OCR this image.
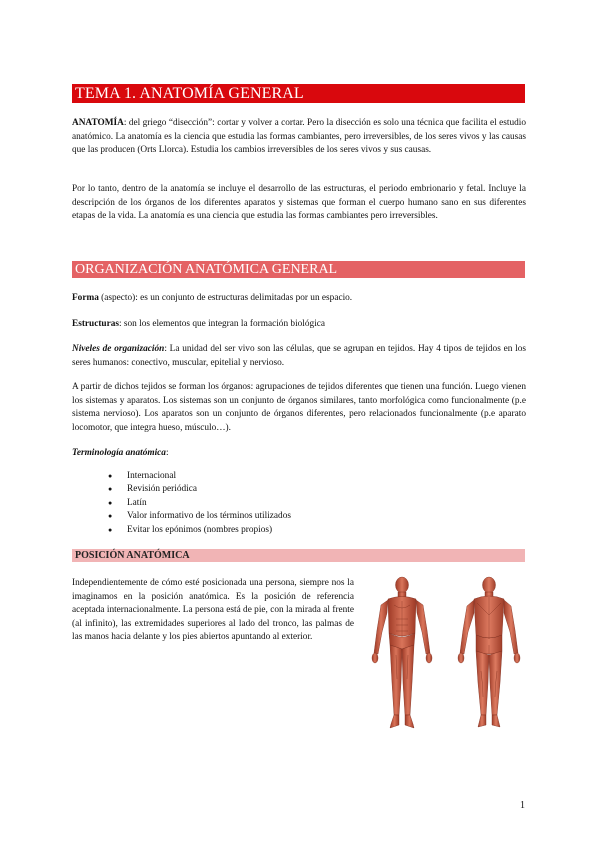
TEMA 1. ANATOMÍA GENERAL

ANATOMÍA: del griego “disección”: cortar y volver a cortar. Pero la disección es solo una técnica que facilita el estudio anatómico. La anatomía es la ciencia que estudia las formas cambiantes, pero irreversibles, de los seres vivos y las causas que las producen (Orts Llorca). Estudia los cambios irreversibles de los seres vivos y sus causas.

Por lo tanto, dentro de la anatomía se incluye el desarrollo de las estructuras, el periodo embrionario y fetal. Incluye la descripción de los órganos de los diferentes aparatos y sistemas que forman el cuerpo humano sano en sus diferentes etapas de la vida. La anatomía es una ciencia que estudia las formas cambiantes pero irreversibles.

ORGANIZACIÓN ANATÓMICA GENERAL

Forma (aspecto): es un conjunto de estructuras delimitadas por un espacio.

Estructuras: son los elementos que integran la formación biológica

Niveles de organización: La unidad del ser vivo son las células, que se agrupan en tejidos. Hay 4 tipos de tejidos en los seres humanos: conectivo, muscular, epitelial y nervioso.

A partir de dichos tejidos se forman los órganos: agrupaciones de tejidos diferentes que tienen una función. Luego vienen los sistemas y aparatos. Los sistemas son un conjunto de órganos similares, tanto morfológica como funcionalmente (p.e sistema nervioso). Los aparatos son un conjunto de órganos diferentes, pero relacionados funcionalmente (p.e aparato locomotor, que integra hueso, músculo…).

Terminología anatómica:

● Internacional
● Revisión periódica
● Latín
● Valor informativo de los términos utilizados
● Evitar los epónimos (nombres propios)
POSICIÓN ANATÓMICA

Independientemente de cómo esté posicionada una persona, siempre nos la imaginamos en la posición anatómica. Es la posición de referencia aceptada internacionalmente. La persona está de pie, con la mirada al frente (al infinito), las extremidades superiores al lado del tronco, las palmas de las manos hacia delante y los pies abiertos apuntando al exterior.

1
